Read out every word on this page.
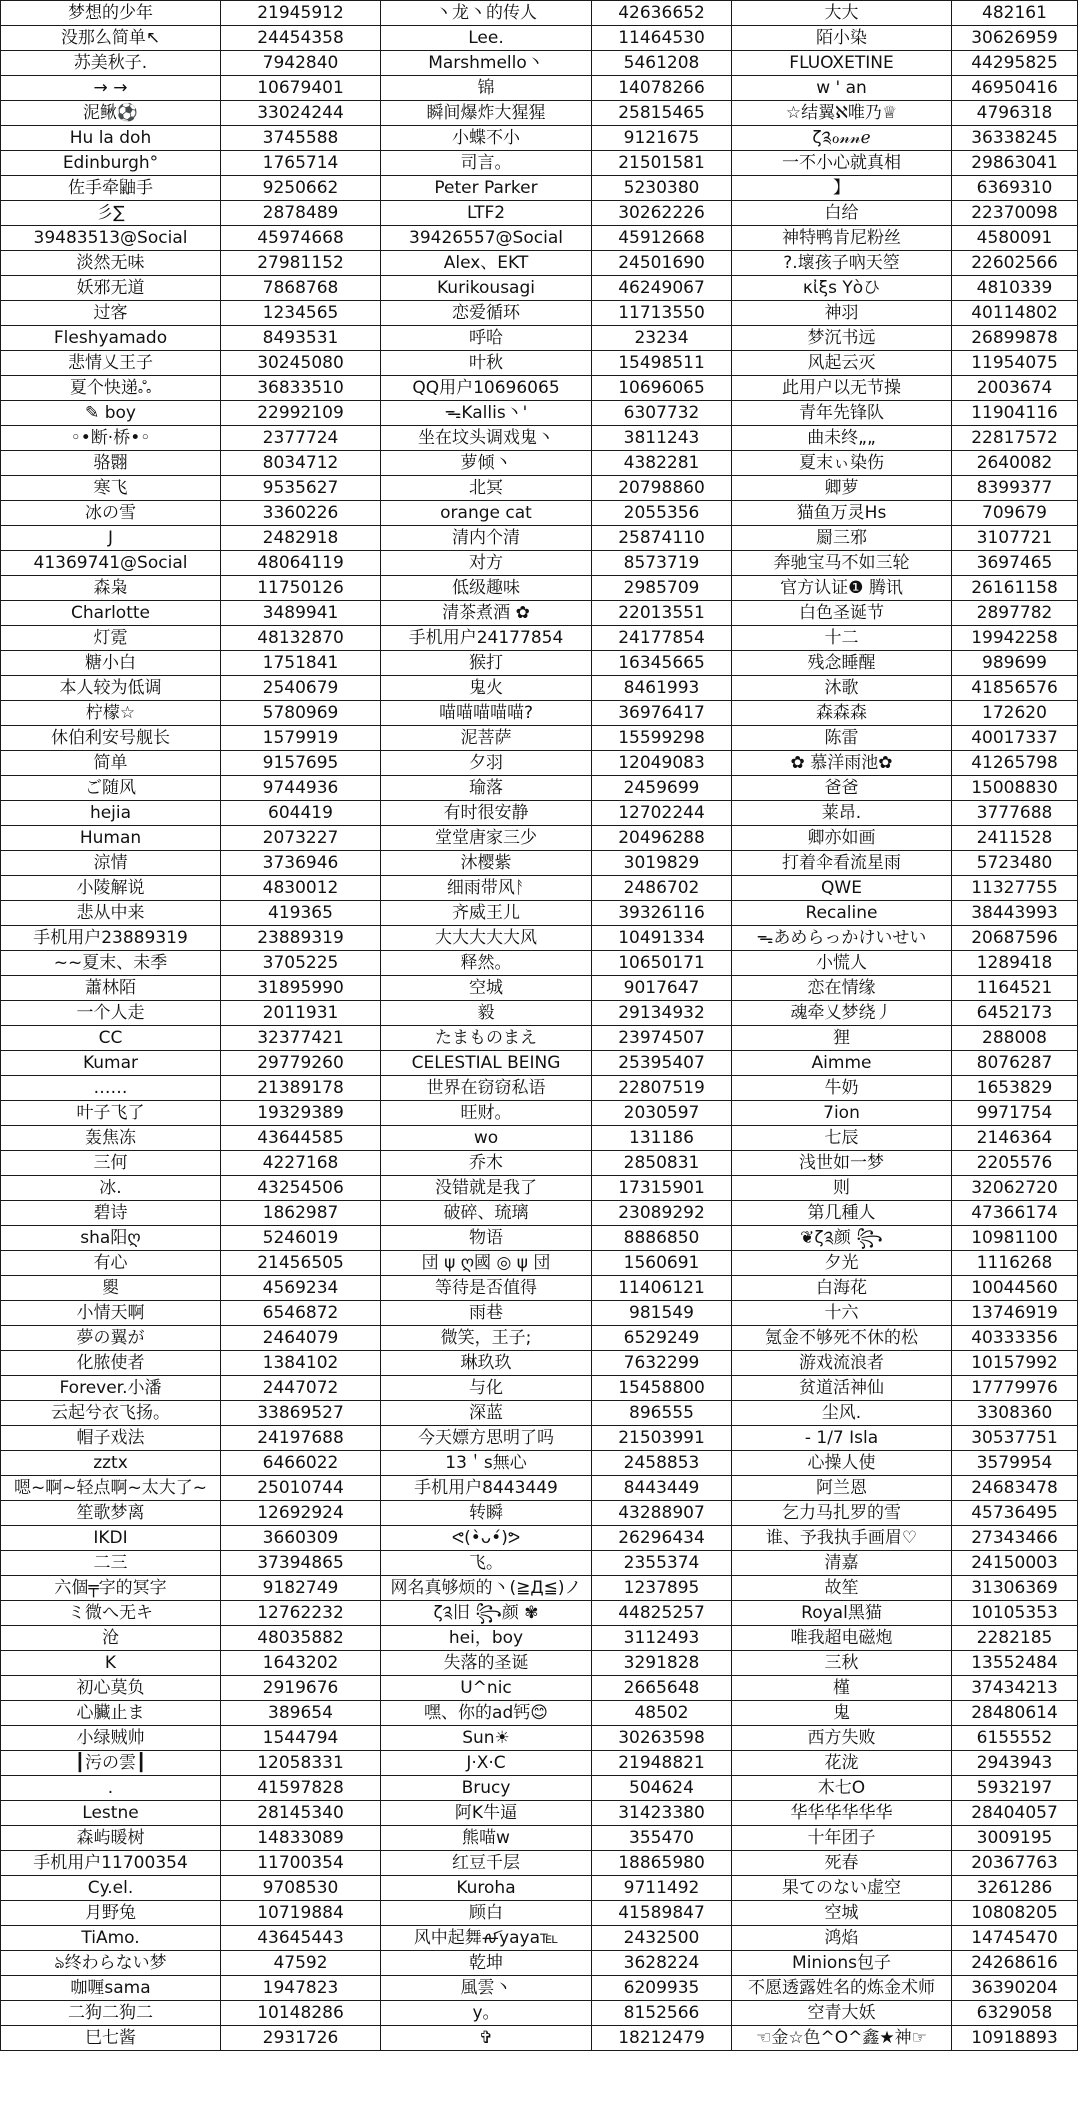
梦想的少年	21945912	丶龙丶的传人	42636652	大大	482161
没那么简单↖	24454358	Lee.	11464530	陌小染	30626959
苏美秋子.	7942840	Marshmello丶	5461208	FLUOXETINE	44295825
→ →	10679401	锦	14078266	w ' an	46950416
泥鳅⚽	33024244	瞬间爆炸大猩猩	25815465	☆结翼ℵ唯乃♕	4796318
Hu la doh	3745588	小蝶不小	9121675	ζ༉ℴ𝓃𝓃ℯ	36338245
Edinburgh°	1765714	司言。	21501581	一不小心就真相	29863041
佐手牵鼬手	9250662	Peter Parker	5230380	】	6369310
彡∑	2878489	LTF2	30262226	白给	22370098
39483513@Social	45974668	39426557@Social	45912668	神特鸭肯尼粉丝	4580091
淡然无味	27981152	Alex、EKT	24501690	?.壞孩子吶天箜	22602566
妖邪无道	7868768	Kurikousagi	46249067	κἰξs Yὸひ	4810339
过客	1234565	恋爱循环	11713550	神羽	40114802
Fleshyamado	8493531	呼哈	23234	梦沉书远	26899878
悲情乂王子	30245080	叶秋	15498511	风起云灭	11954075
夏个快递ஃ	36833510	QQ用户10696065	10696065	此用户以无节操	2003674
✎ boy	22992109	ᯓKallis丶'	6307732	青年先锋队	11904116
◦•断·桥•◦	2377724	坐在坟头调戏鬼丶	3811243	曲未终„„	22817572
骆翾	8034712	萝倾丶	4382281	夏末ぃ染伤	2640082
寒飞	9535627	北冥	20798860	卿萝	8399377
冰の雪	3360226	orange cat	2055356	猫鱼万灵Hs	709679
J	2482918	清内个清	25874110	罽三邪	3107721
41369741@Social	48064119	对方	8573719	奔驰宝马不如三轮	3697465
森枭	11750126	低级趣味	2985709	官方认证❶ 腾讯	26161158
Charlotte	3489941	清茶煮酒 ✿	22013551	白色圣诞节	2897782
灯霓	48132870	手机用户24177854	24177854	十二	19942258
糖小白	1751841	猴打	16345665	残念睡醒	989699
本人较为低调	2540679	鬼火	8461993	沐歌	41856576
柠檬☆	5780969	喵喵喵喵喵?	36976417	森森森	172620
休伯利安号舰长	1579919	泥菩萨	15599298	陈雷	40017337
简单	9157695	夕羽	12049083	✿ 慕洋雨池✿	41265798
ご随风	9744936	瑜落	2459699	爸爸	15008830
hejia	604419	有时很安静	12702244	莱昂.	3777688
Human	2073227	堂堂唐家三少	20496288	卿亦如画	2411528
涼情	3736946	沐樱紫	3019829	打着伞看流星雨	5723480
小陵解说	4830012	细雨带风ᚨ	2486702	QWE	11327755
悲从中来	419365	齐威王儿	39326116	Recaline	38443993
手机用户23889319	23889319	大大大大大风	10491334	ᯓあめらっかけいせい	20687596
~~夏末、未季	3705225	释然。	10650171	小慌人	1289418
蕭林陌	31895990	空城	9017647	恋在情缘	1164521
一个人走	2011931	毅	29134932	魂牵乂梦绕丿	6452173
CC	32377421	たまものまえ	23974507	狸	288008
Kumar	29779260	CELESTIAL BEING	25395407	Aimme	8076287
……	21389178	世界在窃窃私语	22807519	牛奶	1653829
叶子飞了	19329389	旺财。	2030597	7ion	9971754
轰焦冻	43644585	wo	131186	七辰	2146364
三何	4227168	乔木	2850831	浅世如一梦	2205576
冰.	43254506	没错就是我了	17315901	则	32062720
碧诗	1862987	破碎、琉璃	23089292	第几種人	47366174
sha阳ღ	5246019	物语	8886850	❦ζ༉颜 ꧂	10981100
有心	21456505	団 ψ ღ國 ◎ ψ 団	1560691	夕光	1116268
夓	4569234	等待是否值得	11406121	白海花	10044560
小情天啊	6546872	雨巷	981549	十六	13746919
夢の翼が	2464079	微笑，王子;	6529249	氪金不够死不休的松	40333356
化脓使者	1384102	琳玖玖	7632299	游戏流浪者	10157992
Forever.小潘	2447072	与化	15458800	贫道活神仙	17779976
云起兮衣飞扬。	33869527	深蓝	896555	尘风.	3308360
帽子戏法	24197688	今天嫖方思明了吗	21503991	- 1/7 Isla	30537751
zztx	6466022	13＇s無心	2458853	心操人使	3579954
嗯~啊~轻点啊~太大了~	25010744	手机用户8443449	8443449	阿兰恩	24683478
笙歌梦离	12692924	转瞬	43288907	乞力马扎罗的雪	45736495
IKDI	3660309	ᕙ(•̀ᴗ•́)ᕗ	26296434	谁、予我执手画眉♡	27343466
二三	37394865	飞。	2355374	清嘉	24150003
六個╤字的冥字	9182749	网名真够烦的丶(≧Д≦)ノ	1237895	故笙	31306369
ミ微へ无キ	12762232	ζ༉旧 ꧂颜 ✾	44825257	Royal黑猫	10105353
沧	48035882	hei，boy	3112493	唯我超电磁炮	2282185
K	1643202	失落的圣诞	3291828	三秋	13552484
初心莫负	2919676	U^nic	2665648	槿	37434213
心臟止ま	389654	嘿、你的ad钙😊	48502	鬼	28480614
小绿贼帅	1544794	Sun☀	30263598	西方失败	6155552
┃污の雲┃	12058331	J·X·C	21948821	花泷	2943943
.	41597828	Brucy	504624	木七O	5932197
Lestne	28145340	阿K牛逼	31423380	华华华华华华	28404057
森屿暖树	14833089	熊喵w	355470	十年团子	3009195
手机用户11700354	11700354	红豆千层	18865980	死春	20367763
Cy.el.	9708530	Kuroha	9711492	果てのない虚空	3261286
月野兔	10719884	顾白	41589847	空城	10808205
TiAmo.	43645443	风中起舞ꫛyaya℡	2432500	鸿焰	14745470
ঌ终わらない梦	47592	乾坤	3628224	Minions包子	24268616
咖喱sama	1947823	風雲丶	6209935	不愿透露姓名的炼金术师	36390204
二狗二狗二	10148286	y。	8152566	空青大妖	6329058
巳七酱	2931726	✞	18212479	☜金☆色^O^鑫★神☞	10918893
